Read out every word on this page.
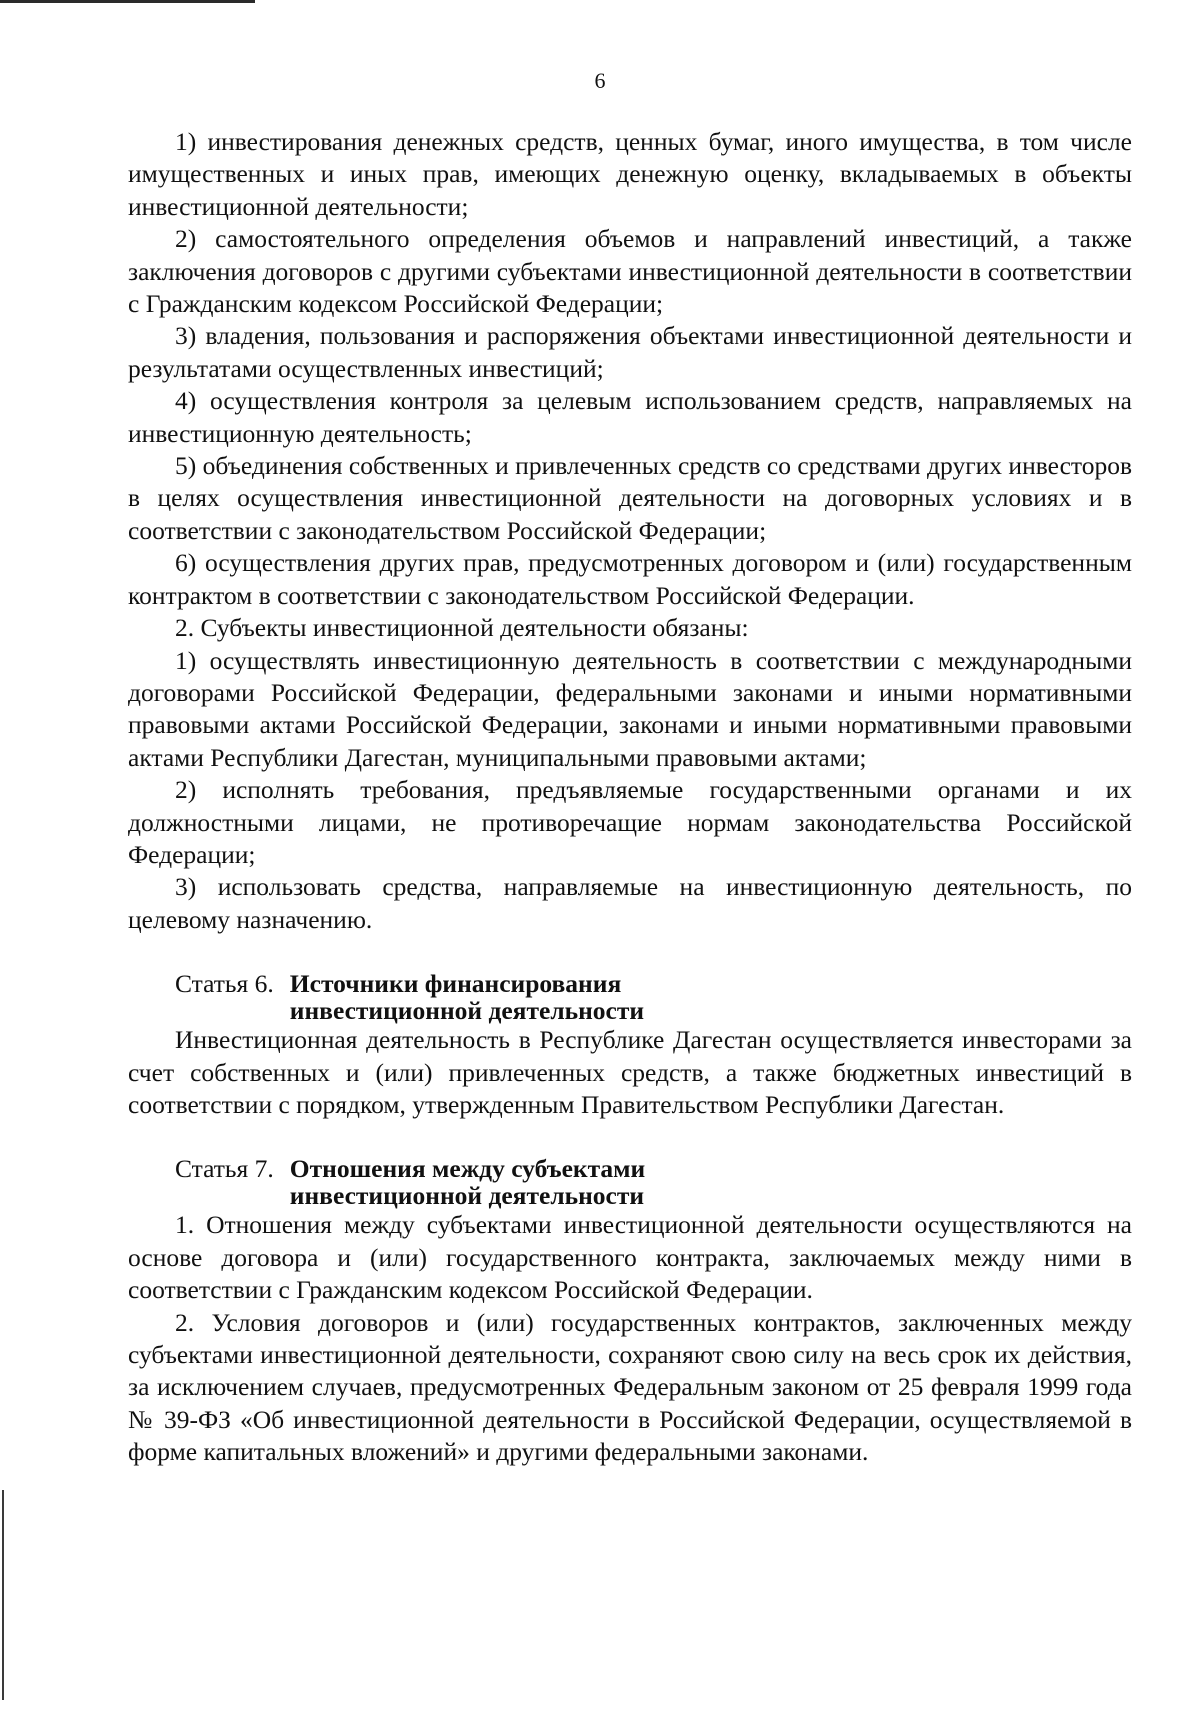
6

1) инвестирования денежных средств, ценных бумаг, иного имущества, в том числе имущественных и иных прав, имеющих денежную оценку, вкладываемых в объекты инвестиционной деятельности;

2) самостоятельного определения объемов и направлений инвестиций, а также заключения договоров с другими субъектами инвестиционной деятельности в соответствии с Гражданским кодексом Российской Федерации;

3) владения, пользования и распоряжения объектами инвестиционной деятельности и результатами осуществленных инвестиций;

4) осуществления контроля за целевым использованием средств, направляемых на инвестиционную деятельность;

5) объединения собственных и привлеченных средств со средствами других инвесторов в целях осуществления инвестиционной деятельности на договорных условиях и в соответствии с законодательством Российской Федерации;

6) осуществления других прав, предусмотренных договором и (или) государственным контрактом в соответствии с законодательством Российской Федерации.

2. Субъекты инвестиционной деятельности обязаны:

1) осуществлять инвестиционную деятельность в соответствии с международными договорами Российской Федерации, федеральными законами и иными нормативными правовыми актами Российской Федерации, законами и иными нормативными правовыми актами Республики Дагестан, муниципальными правовыми актами;

2) исполнять требования, предъявляемые государственными органами и их должностными лицами, не противоречащие нормам законодательства Российской Федерации;

3) использовать средства, направляемые на инвестиционную деятельность, по целевому назначению.

Статья 6. Источники финансирования
инвестиционной деятельности

Инвестиционная деятельность в Республике Дагестан осуществляется инвесторами за счет собственных и (или) привлеченных средств, а также бюджетных инвестиций в соответствии с порядком, утвержденным Правительством Республики Дагестан.

Статья 7. Отношения между субъектами
инвестиционной деятельности

1. Отношения между субъектами инвестиционной деятельности осуществляются на основе договора и (или) государственного контракта, заключаемых между ними в соответствии с Гражданским кодексом Российской Федерации.

2. Условия договоров и (или) государственных контрактов, заключенных между субъектами инвестиционной деятельности, сохраняют свою силу на весь срок их действия, за исключением случаев, предусмотренных Федеральным законом от 25 февраля 1999 года № 39-ФЗ «Об инвестиционной деятельности в Российской Федерации, осуществляемой в форме капитальных вложений» и другими федеральными законами.
